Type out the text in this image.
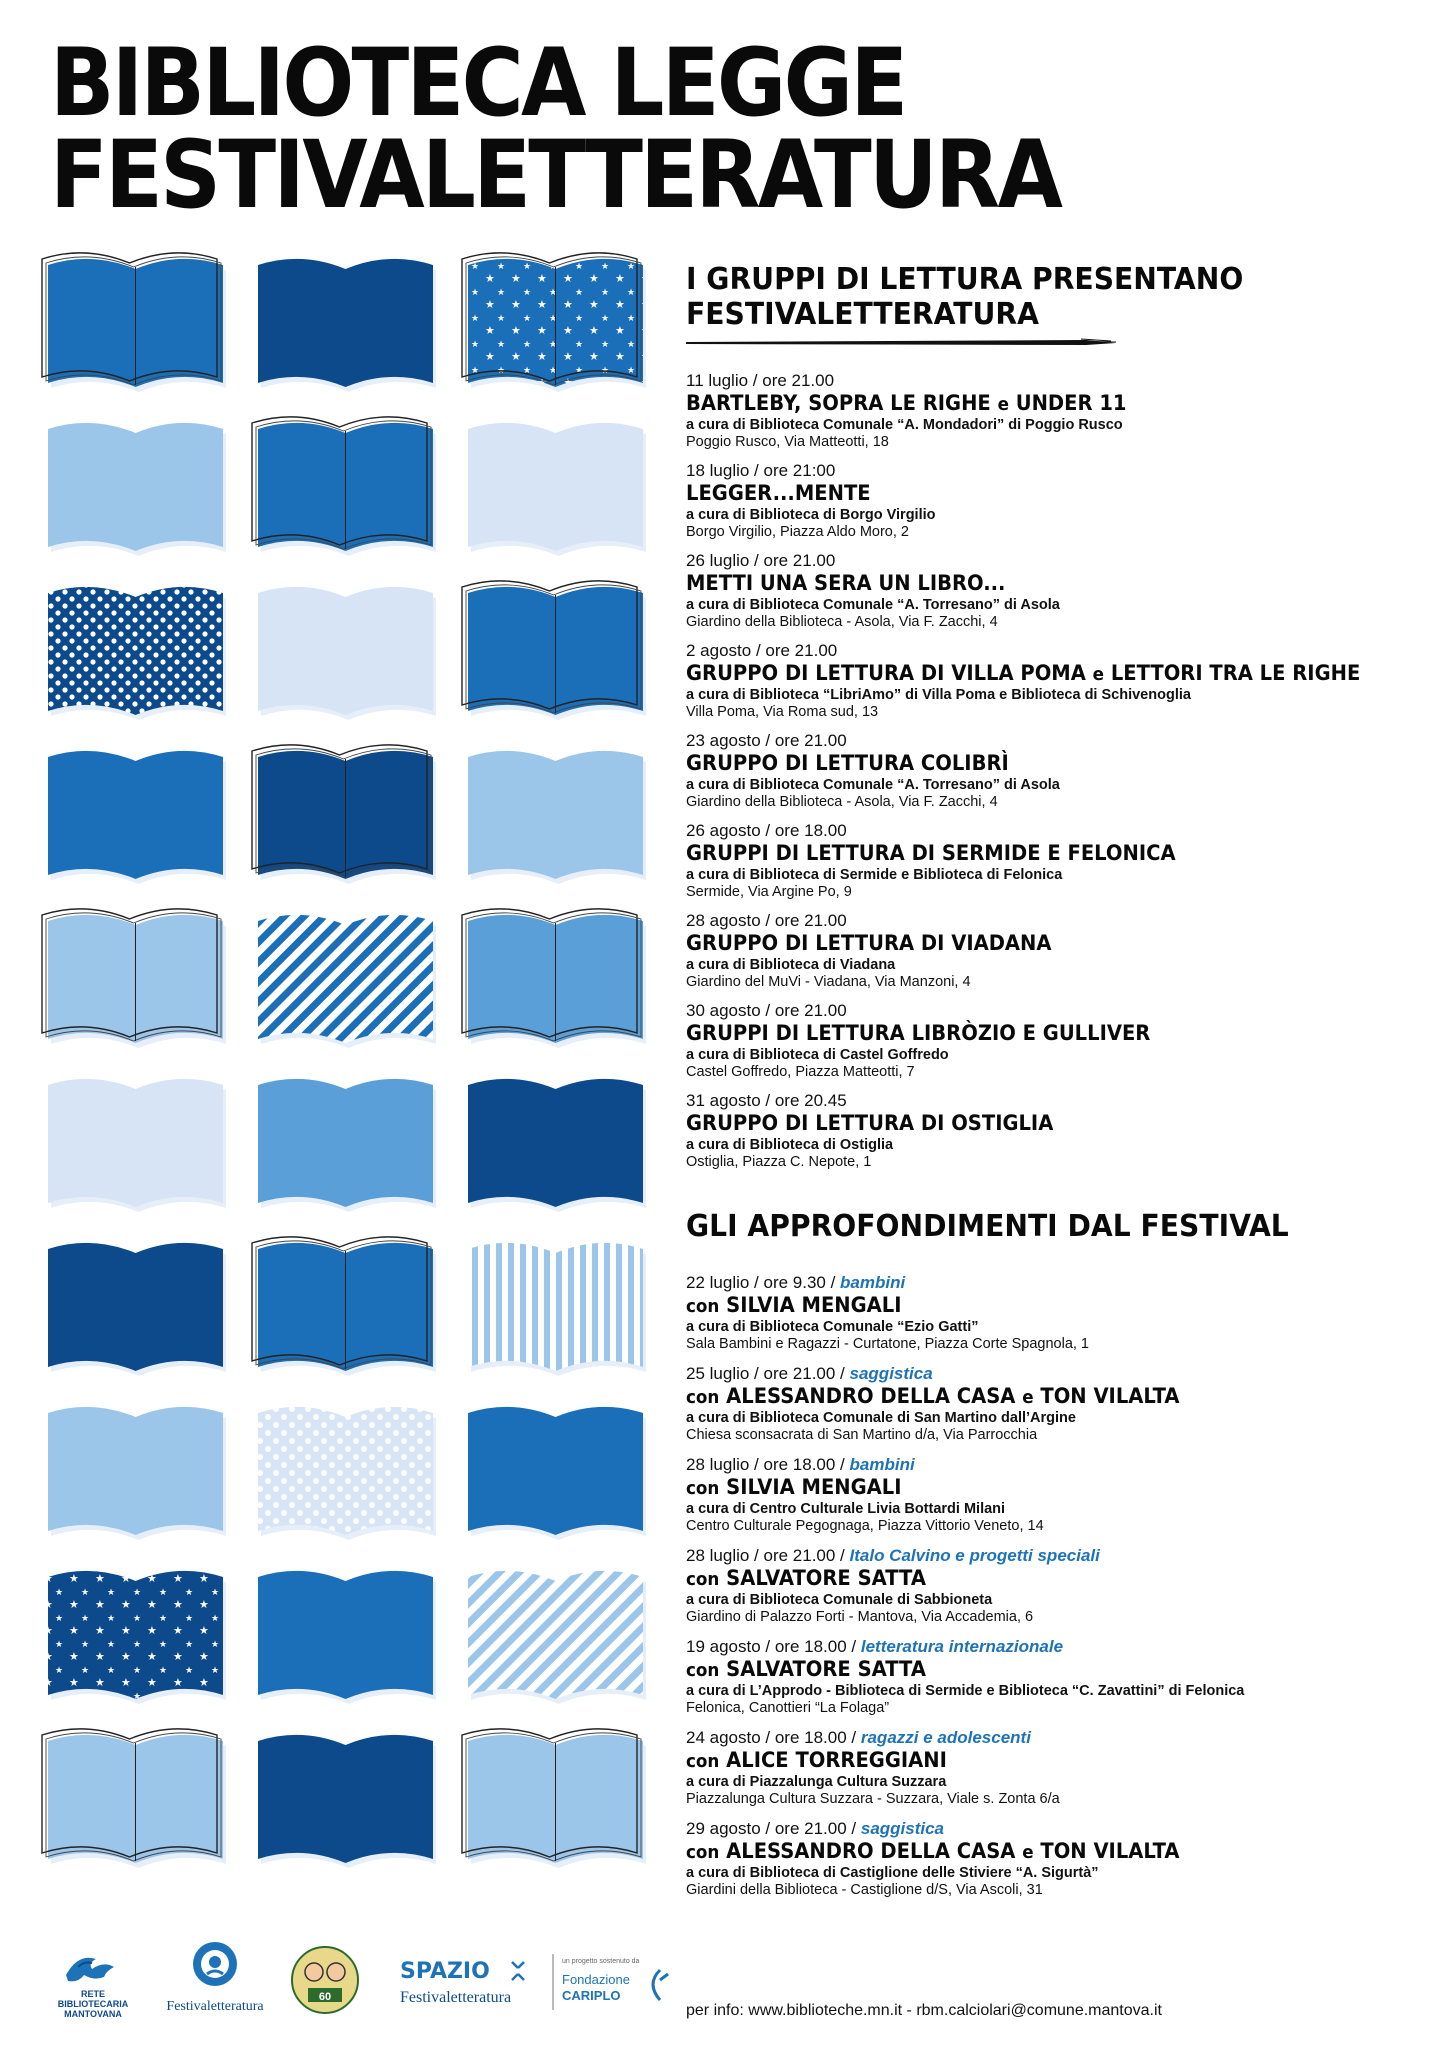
BIBLIOTECA LEGGE
FESTIVALETTERATURA
I GRUPPI DI LETTURA PRESENTANO
FESTIVALETTERATURA
11 luglio / ore 21.00
BARTLEBY, SOPRA LE RIGHE e UNDER 11
a cura di Biblioteca Comunale “A. Mondadori” di Poggio Rusco
Poggio Rusco, Via Matteotti, 18
18 luglio / ore 21:00
LEGGER...MENTE
a cura di Biblioteca di Borgo Virgilio
Borgo Virgilio, Piazza Aldo Moro, 2
26 luglio / ore 21.00
METTI UNA SERA UN LIBRO...
a cura di Biblioteca Comunale “A. Torresano” di Asola
Giardino della Biblioteca - Asola, Via F. Zacchi, 4
2 agosto / ore 21.00
GRUPPO DI LETTURA DI VILLA POMA e LETTORI TRA LE RIGHE
a cura di Biblioteca “LibriAmo” di Villa Poma e Biblioteca di Schivenoglia
Villa Poma, Via Roma sud, 13
23 agosto / ore 21.00
GRUPPO DI LETTURA COLIBRÌ
a cura di Biblioteca Comunale “A. Torresano” di Asola
Giardino della Biblioteca - Asola, Via F. Zacchi, 4
26 agosto / ore 18.00
GRUPPI DI LETTURA DI SERMIDE E FELONICA
a cura di Biblioteca di Sermide e Biblioteca di Felonica
Sermide, Via Argine Po, 9
28 agosto / ore 21.00
GRUPPO DI LETTURA DI VIADANA
a cura di Biblioteca di Viadana
Giardino del MuVi - Viadana, Via Manzoni, 4
30 agosto / ore 21.00
GRUPPI DI LETTURA LIBRÒZIO E GULLIVER
a cura di Biblioteca di Castel Goffredo
Castel Goffredo, Piazza Matteotti, 7
31 agosto / ore 20.45
GRUPPO DI LETTURA DI OSTIGLIA
a cura di Biblioteca di Ostiglia
Ostiglia, Piazza C. Nepote, 1
GLI APPROFONDIMENTI DAL FESTIVAL
22 luglio / ore 9.30 / bambini
con SILVIA MENGALI
a cura di Biblioteca Comunale “Ezio Gatti”
Sala Bambini e Ragazzi - Curtatone, Piazza Corte Spagnola, 1
25 luglio / ore 21.00 / saggistica
con ALESSANDRO DELLA CASA e TON VILALTA
a cura di Biblioteca Comunale di San Martino dall’Argine
Chiesa sconsacrata di San Martino d/a, Via Parrocchia
28 luglio / ore 18.00 / bambini
con SILVIA MENGALI
a cura di Centro Culturale Livia Bottardi Milani
Centro Culturale Pegognaga, Piazza Vittorio Veneto, 14
28 luglio / ore 21.00 / Italo Calvino e progetti speciali
con SALVATORE SATTA
a cura di Biblioteca Comunale di Sabbioneta
Giardino di Palazzo Forti - Mantova, Via Accademia, 6
19 agosto / ore 18.00 / letteratura internazionale
con SALVATORE SATTA
a cura di L’Approdo - Biblioteca di Sermide e Biblioteca “C. Zavattini” di Felonica
Felonica, Canottieri “La Folaga”
24 agosto / ore 18.00 / ragazzi e adolescenti
con ALICE TORREGGIANI
a cura di Piazzalunga Cultura Suzzara
Piazzalunga Cultura Suzzara - Suzzara, Viale s. Zonta 6/a
29 agosto / ore 21.00 / saggistica
con ALESSANDRO DELLA CASA e TON VILALTA
a cura di Biblioteca di Castiglione delle Stiviere “A. Sigurtà”
Giardini della Biblioteca - Castiglione d/S, Via Ascoli, 31
RETE
BIBLIOTECARIA
MANTOVANA	Festivaletteratura
60
SPAZIO
Festivaletteratura
un progetto sostenuto da
Fondazione
CARIPLO
per info: www.biblioteche.mn.it - rbm.calciolari@comune.mantova.it
